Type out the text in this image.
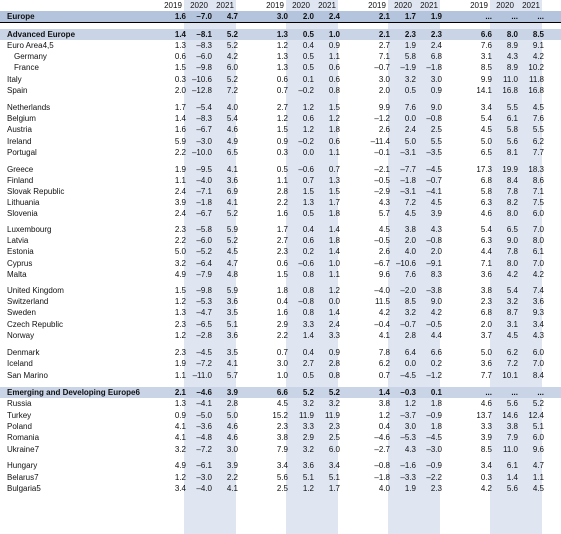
2019	2020	2021	2019	2020	2021	2019	2020	2021	2019	2020	2021
Europe	1.6	–7.0	4.7	3.0	2.0	2.4	2.1	1.7	1.9	...	...	...
Advanced Europe	1.4	–8.1	5.2	1.3	0.5	1.0	2.1	2.3	2.3	6.6	8.0	8.5
Euro Area4,5	1.3	–8.3	5.2	1.2	0.4	0.9	2.7	1.9	2.4	7.6	8.9	9.1
Germany	0.6	–6.0	4.2	1.3	0.5	1.1	7.1	5.8	6.8	3.1	4.3	4.2
France	1.5	–9.8	6.0	1.3	0.5	0.6	–0.7	–1.9	–1.8	8.5	8.9	10.2
Italy	0.3 –10.6	5.2	0.6	0.1	0.6	3.0	3.2	3.0	9.9	11.0	11.8
Spain	2.0 –12.8	7.2	0.7	–0.2	0.8	2.0	0.5	0.9	14.1	16.8	16.8
Netherlands	1.7	–5.4	4.0	2.7	1.2	1.5	9.9	7.6	9.0	3.4	5.5	4.5
Belgium	1.4	–8.3	5.4	1.2	0.6	1.2	–1.2	0.0	–0.8	5.4	6.1	7.6
Austria	1.6	–6.7	4.6	1.5	1.2	1.8	2.6	2.4	2.5	4.5	5.8	5.5
Ireland	5.9	–3.0	4.9	0.9	–0.2	0.6	–11.4	5.0	5.5	5.0	5.6	6.2
Portugal	2.2 –10.0	6.5	0.3	0.0	1.1	–0.1	–3.1	–3.5	6.5	8.1	7.7
Greece	1.9	–9.5	4.1	0.5	–0.6	0.7	–2.1	–7.7	–4.5	17.3	19.9	18.3
Finland	1.1	–4.0	3.6	1.1	0.7	1.3	–0.5	–1.8	–0.7	6.8	8.4	8.6
Slovak Republic	2.4	–7.1	6.9	2.8	1.5	1.5	–2.9	–3.1	–4.1	5.8	7.8	7.1
Lithuania	3.9	–1.8	4.1	2.2	1.3	1.7	4.3	7.2	4.5	6.3	8.2	7.5
Slovenia	2.4	–6.7	5.2	1.6	0.5	1.8	5.7	4.5	3.9	4.6	8.0	6.0
Luxembourg	2.3	–5.8	5.9	1.7	0.4	1.4	4.5	3.8	4.3	5.4	6.5	7.0
Latvia	2.2	–6.0	5.2	2.7	0.6	1.8	–0.5	2.0	–0.8	6.3	9.0	8.0
Estonia	5.0	–5.2	4.5	2.3	0.2	1.4	2.6	4.0	2.0	4.4	7.8	6.1
Cyprus	3.2	–6.4	4.7	0.6	–0.6	1.0	–6.7 –10.6	–9.1	7.1	8.0	7.0
Malta	4.9	–7.9	4.8	1.5	0.8	1.1	9.6	7.6	8.3	3.6	4.2	4.2
United Kingdom	1.5	–9.8	5.9	1.8	0.8	1.2	–4.0	–2.0	–3.8	3.8	5.4	7.4
Switzerland	1.2	–5.3	3.6	0.4	–0.8	0.0	11.5	8.5	9.0	2.3	3.2	3.6
Sweden	1.3	–4.7	3.5	1.6	0.8	1.4	4.2	3.2	4.2	6.8	8.7	9.3
Czech Republic	2.3	–6.5	5.1	2.9	3.3	2.4	–0.4	–0.7	–0.5	2.0	3.1	3.4
Norway	1.2	–2.8	3.6	2.2	1.4	3.3	4.1	2.8	4.4	3.7	4.5	4.3
Denmark	2.3	–4.5	3.5	0.7	0.4	0.9	7.8	6.4	6.6	5.0	6.2	6.0
Iceland	1.9	–7.2	4.1	3.0	2.7	2.8	6.2	0.0	0.2	3.6	7.2	7.0
San Marino	1.1 –11.0	5.7	1.0	0.5	0.8	0.7	–4.5	–1.2	7.7	10.1	8.4
Emerging and Developing Europe6	2.1	–4.6	3.9	6.6	5.2	5.2	1.4	–0.3	0.1	...	...	...
Russia	1.3	–4.1	2.8	4.5	3.2	3.2	3.8	1.2	1.8	4.6	5.6	5.2
Turkey	0.9	–5.0	5.0	15.2	11.9	11.9	1.2	–3.7	–0.9	13.7	14.6	12.4
Poland	4.1	–3.6	4.6	2.3	3.3	2.3	0.4	3.0	1.8	3.3	3.8	5.1
Romania	4.1	–4.8	4.6	3.8	2.9	2.5	–4.6	–5.3	–4.5	3.9	7.9	6.0
Ukraine7	3.2	–7.2	3.0	7.9	3.2	6.0	–2.7	4.3	–3.0	8.5	11.0	9.6
Hungary	4.9	–6.1	3.9	3.4	3.6	3.4	–0.8	–1.6	–0.9	3.4	6.1	4.7
Belarus7	1.2	–3.0	2.2	5.6	5.1	5.1	–1.8	–3.3	–2.2	0.3	1.4	1.1
Bulgaria5	3.4	–4.0	4.1	2.5	1.2	1.7	4.0	1.9	2.3	4.2	5.6	4.5
